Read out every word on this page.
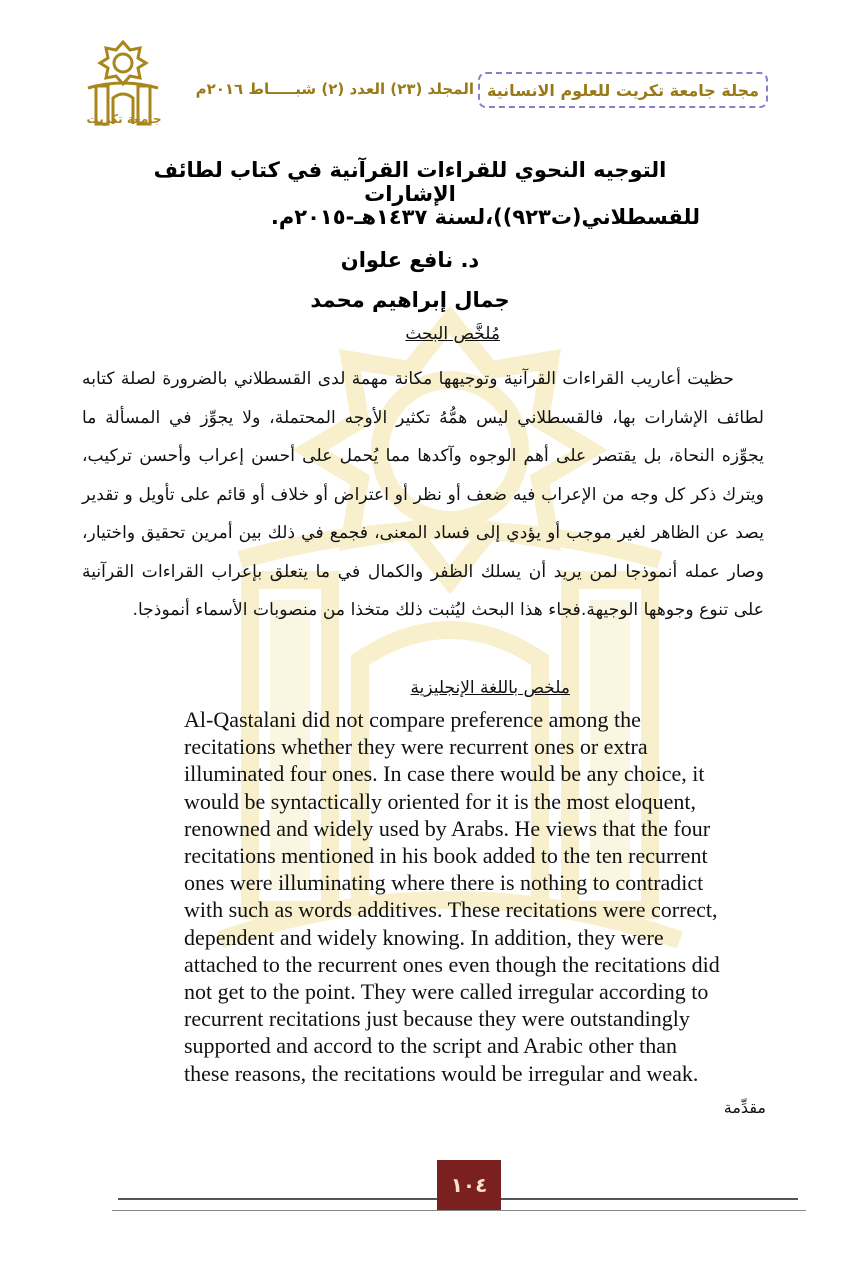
جامعة تكريت
مجلة جامعة تكريت للعلوم الانسانية
المجلد (٢٣) العدد (٢) شبـــــاط ٢٠١٦م
التوجيه النحوي للقراءات القرآنية في كتاب لطائف الإشارات
للقسطلاني(ت٩٢٣))،لسنة ١٤٣٧هـ-٢٠١٥م.
د. نافع علوان
جمال إبراهيم محمد
مُلخَّص البحث

حظيت أعاريب القراءات القرآنية وتوجيهها مكانة مهمة لدى القسطلاني بالضرورة لصلة كتابه لطائف الإشارات بها، فالقسطلاني ليس همُّهُ تكثير الأوجه المحتملة، ولا يجوِّز في المسألة ما يجوِّزه النحاة، بل يقتصر على أهم الوجوه وآكدها مما يُحمل على أحسن إعراب وأحسن تركيب، ويترك ذكر كل وجه من الإعراب فيه ضعف أو نظر أو اعتراض أو خلاف أو قائم على تأويل و تقدير يصد عن الظاهر لغير موجب أو يؤدي إلى فساد المعنى، فجمع في ذلك بين أمرين تحقيق واختيار، وصار عمله أنموذجا لمن يريد أن يسلك الظفر والكمال في ما يتعلق بإعراب القراءات القرآنية على تنوع وجوهها الوجيهة.فجاء هذا البحث ليُثبت ذلك متخذا من منصوبات الأسماء أنموذجا.

ملخص باللغة الإنجليزية

Al-Qastalani did not compare preference among the

recitations whether they were recurrent ones or extra

illuminated four ones. In case there would be any choice, it

would be syntactically oriented for it is the most eloquent,

renowned and widely used by Arabs. He views that the four

recitations mentioned in his book added to the ten recurrent

ones were illuminating where there is nothing to contradict

with such as words additives. These recitations were correct,

dependent and widely knowing. In addition, they were

attached to the recurrent ones even though the recitations did

not get to the point. They were called irregular according to

recurrent recitations just because they were outstandingly

supported and accord to the script and Arabic other than

these reasons, the recitations would be irregular and weak.

مقدِّمة
١٠٤
